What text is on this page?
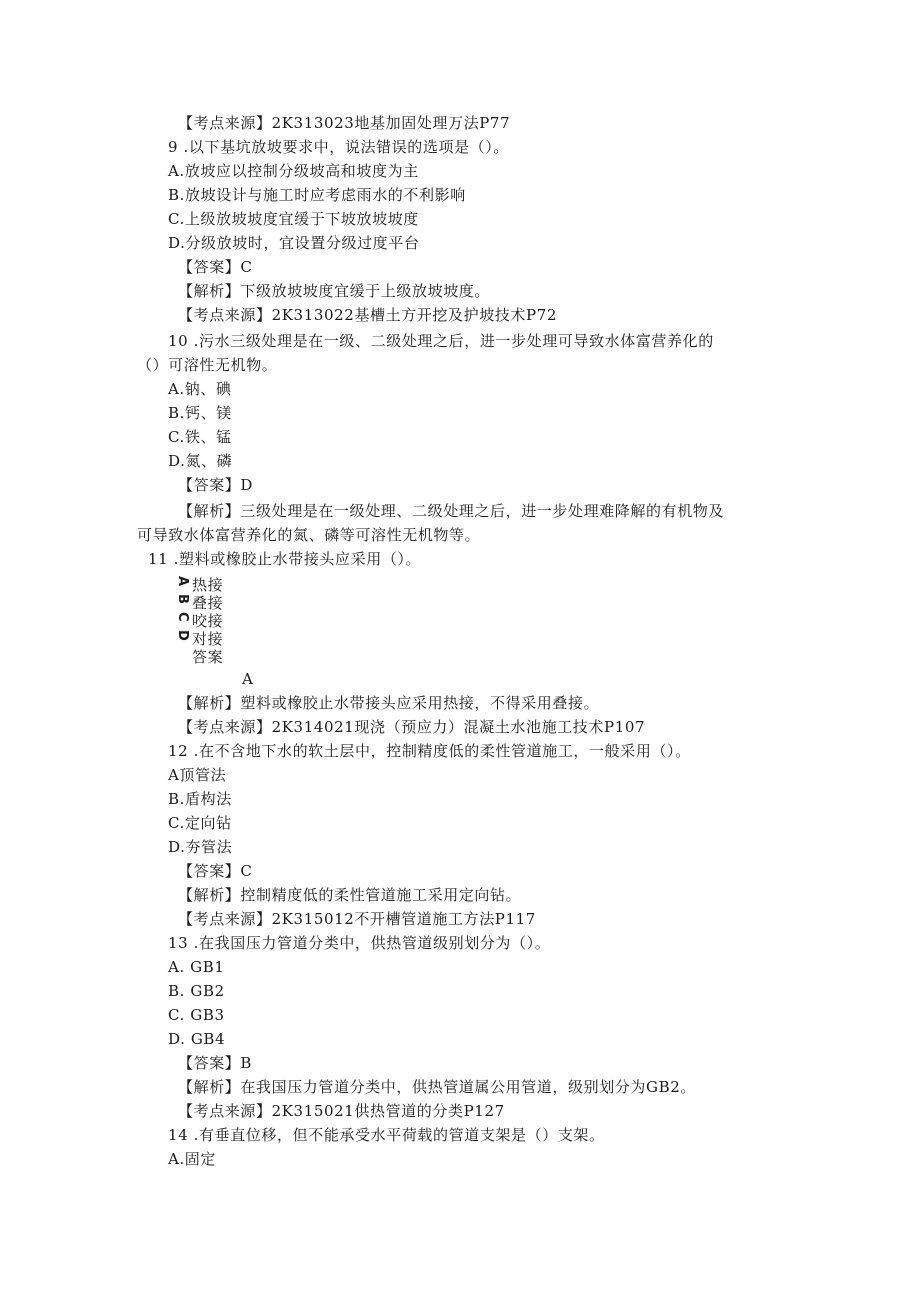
【考点来源】2K313023地基加固处理万法P77
9 .以下基坑放坡要求中，说法错误的选项是（）。
A.放坡应以控制分级坡高和坡度为主
B.放坡设计与施工时应考虑雨水的不利影响
C.上级放坡坡度宜缓于下坡放坡坡度
D.分级放坡时，宜设置分级过度平台
【答案】C
【解析】下级放坡坡度宜缓于上级放坡坡度。
【考点来源】2K313022基槽土方开挖及护坡技术P72
10 .污水三级处理是在一级、二级处理之后，进一步处理可导致水体富营养化的
（）可溶性无机物。
A.钠、碘
B.钙、镁
C.铁、锰
D.氮、磷
【答案】D
【解析】三级处理是在一级处理、二级处理之后，进一步处理难降解的有机物及
可导致水体富营养化的氮、磷等可溶性无机物等。
11 .塑料或橡胶止水带接头应采用（）。
A
B
C
D
热接
叠接
咬接
对接
答案
A
【解析】塑料或橡胶止水带接头应采用热接，不得采用叠接。
【考点来源】2K314021现浇（预应力）混凝土水池施工技术P107
12 .在不含地下水的软土层中，控制精度低的柔性管道施工，一般采用（）。
A顶管法
B.盾构法
C.定向钻
D.夯管法
【答案】C
【解析】控制精度低的柔性管道施工采用定向钻。
【考点来源】2K315012不开槽管道施工方法P117
13 .在我国压力管道分类中，供热管道级别划分为（）。
A. GB1
B. GB2
C. GB3
D. GB4
【答案】B
【解析】在我国压力管道分类中，供热管道属公用管道，级别划分为GB2。
【考点来源】2K315021供热管道的分类P127
14 .有垂直位移，但不能承受水平荷载的管道支架是（）支架。
A.固定
